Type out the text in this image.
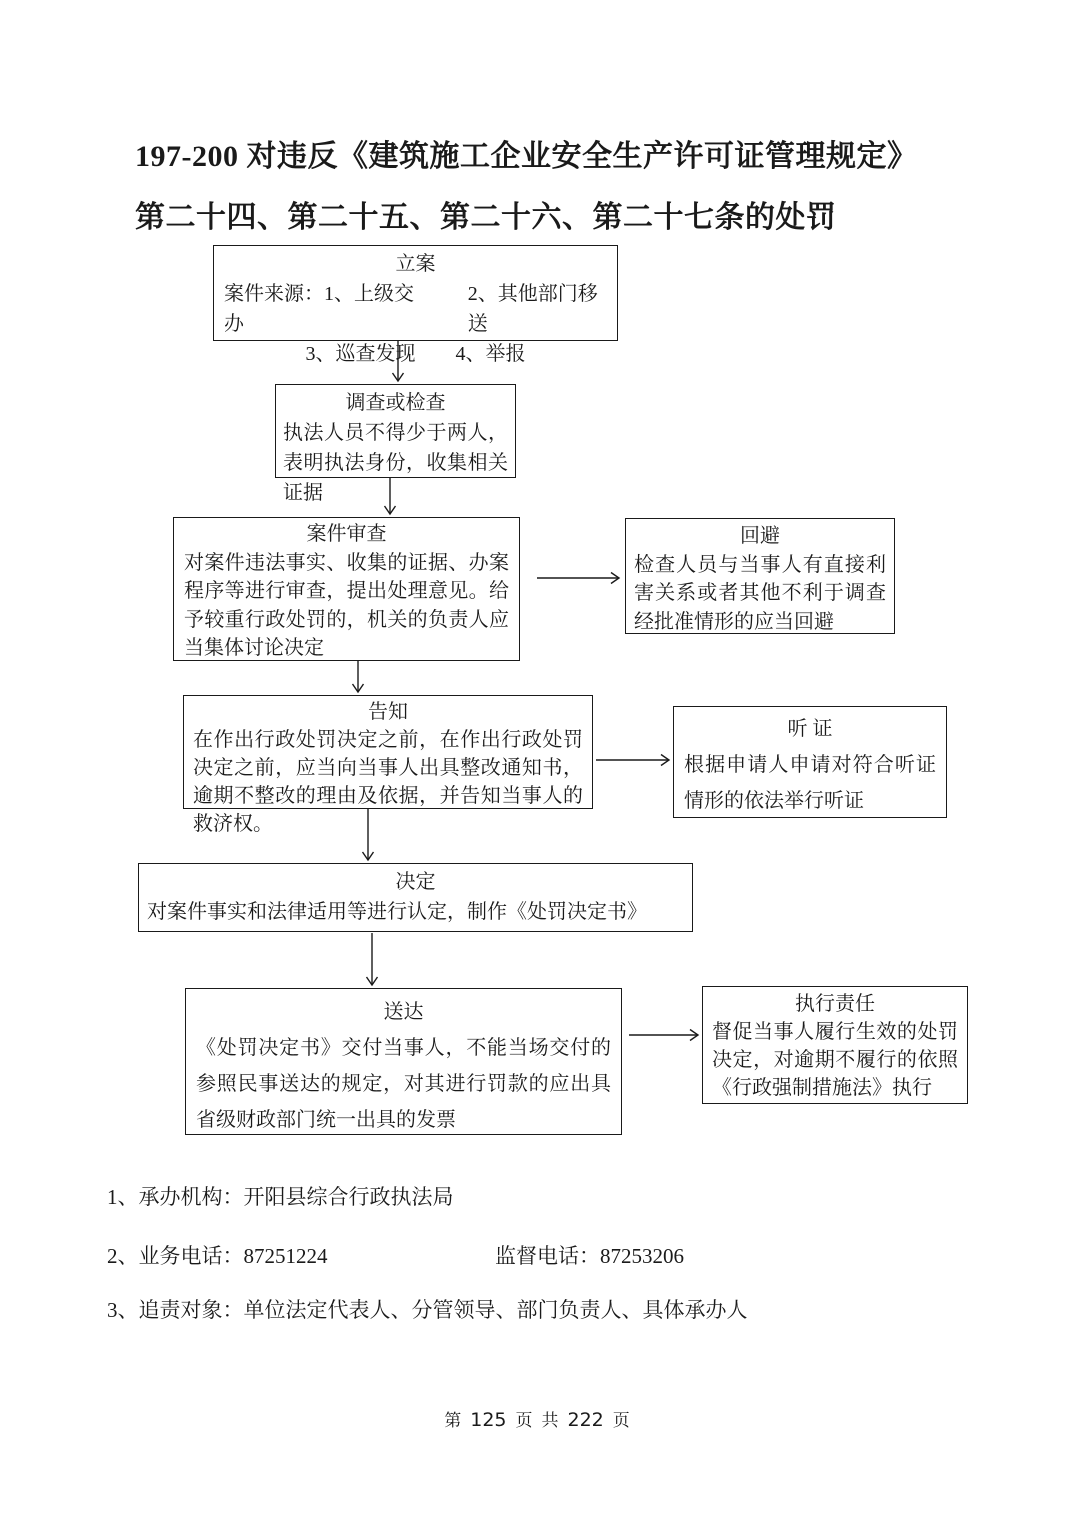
197-200 对违反《建筑施工企业安全生产许可证管理规定》
第二十四、第二十五、第二十六、第二十七条的处罚
立案
案件来源：1、上级交办
2、其他部门移送
3、巡查发现 4、举报
调查或检查
执法人员不得少于两人，表明执法身份，收集相关证据
案件审查
对案件违法事实、收集的证据、办案程序等进行审查，提出处理意见。给予较重行政处罚的，机关的负责人应当集体讨论决定
回避
检查人员与当事人有直接利害关系或者其他不利于调查经批准情形的应当回避
告知
在作出行政处罚决定之前，在作出行政处罚决定之前，应当向当事人出具整改通知书，逾期不整改的理由及依据，并告知当事人的救济权。
听 证
根据申请人申请对符合听证情形的依法举行听证
决定
对案件事实和法律适用等进行认定，制作《处罚决定书》
送达
《处罚决定书》交付当事人，不能当场交付的参照民事送达的规定，对其进行罚款的应出具省级财政部门统一出具的发票
执行责任
督促当事人履行生效的处罚决定，对逾期不履行的依照《行政强制措施法》执行
1、承办机构：开阳县综合行政执法局
2、业务电话：87251224	监督电话：87253206
3、追责对象：单位法定代表人、分管领导、部门负责人、具体承办人
第 125 页 共 222 页
